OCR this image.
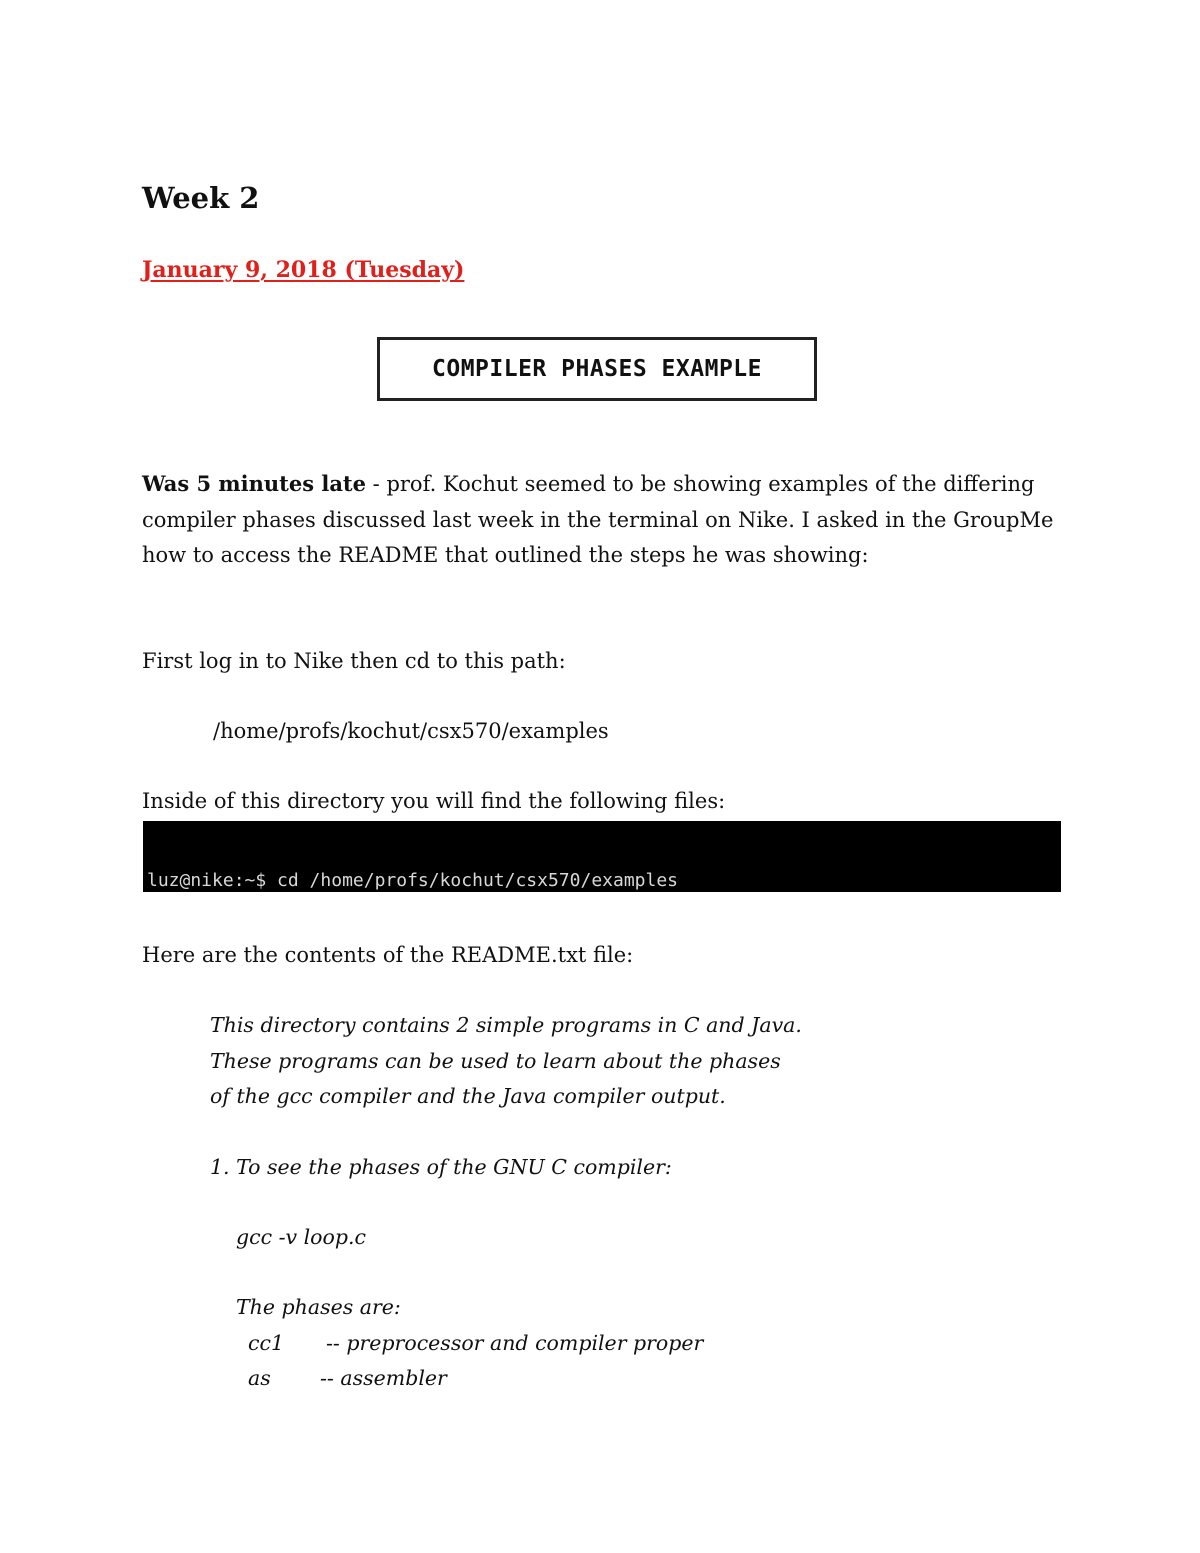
Week 2
January 9, 2018 (Tuesday)
COMPILER PHASES EXAMPLE

Was 5 minutes late - prof. Kochut seemed to be showing examples of the differing compiler phases discussed last week in the terminal on Nike. I asked in the GroupMe how to access the README that outlined the steps he was showing:

First log in to Nike then cd to this path:

/home/profs/kochut/csx570/examples

Inside of this directory you will find the following files:

luz@nike:~$ cd /home/profs/kochut/csx570/examples

Here are the contents of the README.txt file:

This directory contains 2 simple programs in C and Java.
These programs can be used to learn about the phases
of the gcc compiler and the Java compiler output.

1. To see the phases of the GNU C compiler:
gcc -v loop.c
The phases are:
cc1 -- preprocessor and compiler proper
as -- assembler
